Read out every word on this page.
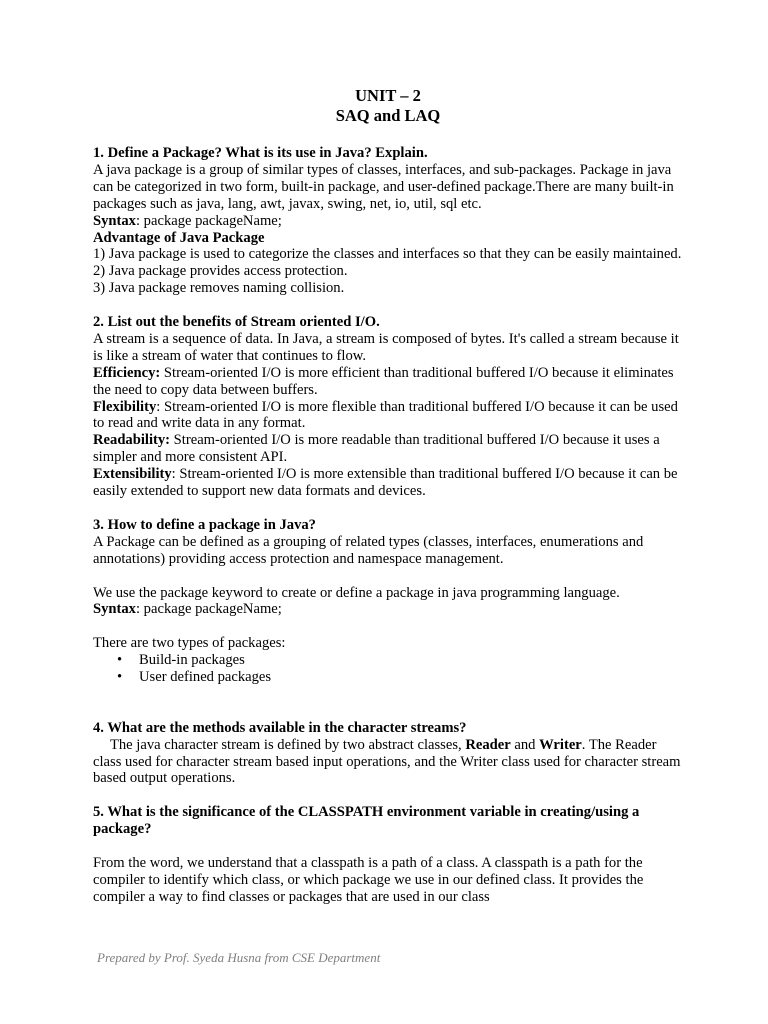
UNIT – 2
SAQ and LAQ
1. Define a Package? What is its use in Java? Explain.
A java package is a group of similar types of classes, interfaces, and sub-packages. Package in java can be categorized in two form, built-in package, and user-defined package.There are many built-in packages such as java, lang, awt, javax, swing, net, io, util, sql etc.
Syntax: package packageName;
Advantage of Java Package
1) Java package is used to categorize the classes and interfaces so that they can be easily maintained.
2) Java package provides access protection.
3) Java package removes naming collision.
2. List out the benefits of Stream oriented I/O.
A stream is a sequence of data. In Java, a stream is composed of bytes. It's called a stream because it is like a stream of water that continues to flow.
Efficiency: Stream-oriented I/O is more efficient than traditional buffered I/O because it eliminates the need to copy data between buffers.
Flexibility: Stream-oriented I/O is more flexible than traditional buffered I/O because it can be used to read and write data in any format.
Readability: Stream-oriented I/O is more readable than traditional buffered I/O because it uses a simpler and more consistent API.
Extensibility: Stream-oriented I/O is more extensible than traditional buffered I/O because it can be easily extended to support new data formats and devices.
3. How to define a package in Java?
A Package can be defined as a grouping of related types (classes, interfaces, enumerations and annotations) providing access protection and namespace management.
We use the package keyword to create or define a package in java programming language.
Syntax: package packageName;
There are two types of packages:
• Build-in packages
• User defined packages
4. What are the methods available in the character streams?
The java character stream is defined by two abstract classes, Reader and Writer. The Reader class used for character stream based input operations, and the Writer class used for character stream based output operations.
5. What is the significance of the CLASSPATH environment variable in creating/using a package?
From the word, we understand that a classpath is a path of a class. A classpath is a path for the compiler to identify which class, or which package we use in our defined class. It provides the compiler a way to find classes or packages that are used in our class
Prepared by Prof. Syeda Husna from CSE Department
